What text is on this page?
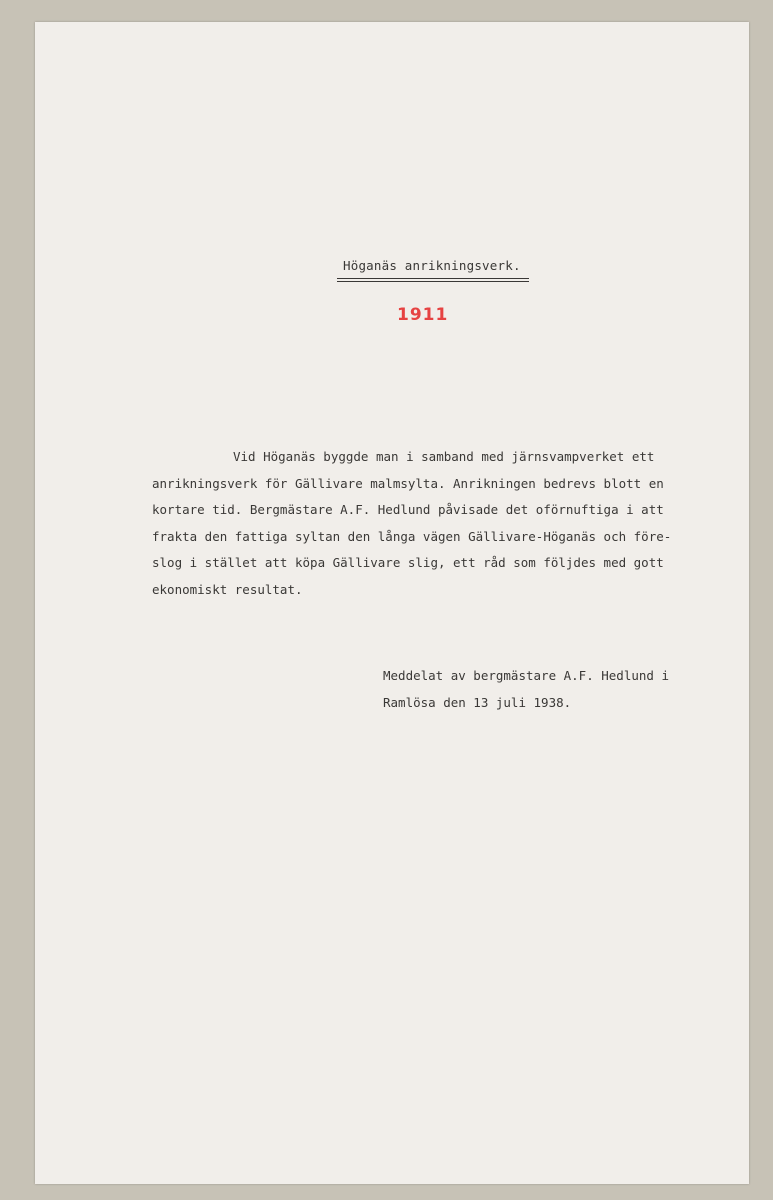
Höganäs anrikningsverk.
1911
Vid Höganäs byggde man i samband med järnsvampverket ett
anrikningsverk för Gällivare malmsylta. Anrikningen bedrevs blott en
kortare tid. Bergmästare A.F. Hedlund påvisade det oförnuftiga i att
frakta den fattiga syltan den långa vägen Gällivare-Höganäs och före-
slog i stället att köpa Gällivare slig, ett råd som följdes med gott
ekonomiskt resultat.
Meddelat av bergmästare A.F. Hedlund i
Ramlösa den 13 juli 1938.
